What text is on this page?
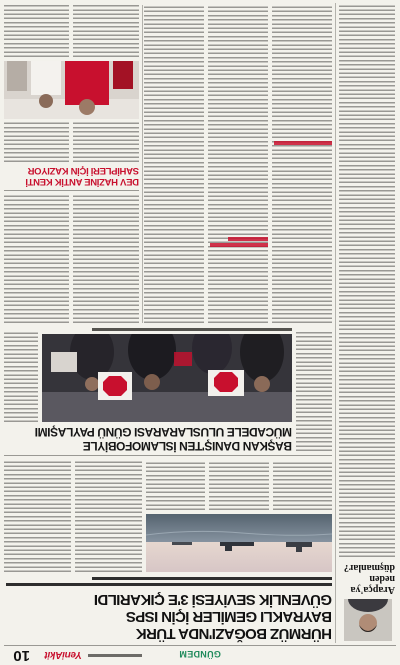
10 YeniAkit	GÜNDEM
Arapça'ya
neden
düşmanlar?
HÜRMÜZ BOĞAZI'NDA TÜRK
BAYRAKLI GEMİLER İÇİN ISPS
GÜVENLİK SEVİYESİ 3'E ÇIKARILDI
BAŞKAN DANIŞ'TEN İSLAMOFOBİYLE
MÜCADELE ULUSLARARASI GÜNÜ PAYLAŞIMI
DEV HAZİNE ANTİK KENTİ
SAHİPLERİ İÇİN KAZIYOR
